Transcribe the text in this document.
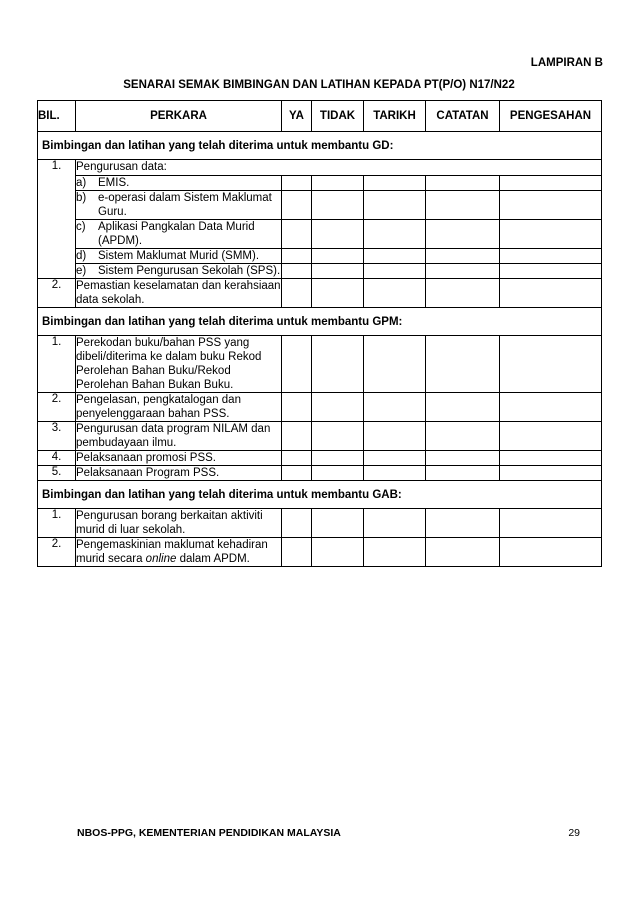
LAMPIRAN B
SENARAI SEMAK BIMBINGAN DAN LATIHAN KEPADA PT(P/O) N17/N22
BIL.	PERKARA	YA	TIDAK	TARIKH	CATATAN	PENGESAHAN
Bimbingan dan latihan yang telah diterima untuk membantu GD:						
1.	Pengurusan data:					

	a) EMIS.					

	b) e-operasi dalam Sistem Maklumat Guru.					

	c) Aplikasi Pangkalan Data Murid (APDM).					

	d) Sistem Maklumat Murid (SMM).					

	e) Sistem Pengurusan Sekolah (SPS).					

2.	Pemastian keselamatan dan kerahsiaan data sekolah.					
Bimbingan dan latihan yang telah diterima untuk membantu GPM:						
1.	Perekodan buku/bahan PSS yang dibeli/diterima ke dalam buku Rekod Perolehan Bahan Buku/Rekod Perolehan Bahan Bukan Buku.					
2.	Pengelasan, pengkatalogan dan penyelenggaraan bahan PSS.					
3.	Pengurusan data program NILAM dan pembudayaan ilmu.					
4.	Pelaksanaan promosi PSS.					
5.	Pelaksanaan Program PSS.					
Bimbingan dan latihan yang telah diterima untuk membantu GAB:						
1.	Pengurusan borang berkaitan aktiviti murid di luar sekolah.					
2.	Pengemaskinian maklumat kehadiran murid secara online dalam APDM.					
NBOS-PPG, KEMENTERIAN PENDIDIKAN MALAYSIA	29
